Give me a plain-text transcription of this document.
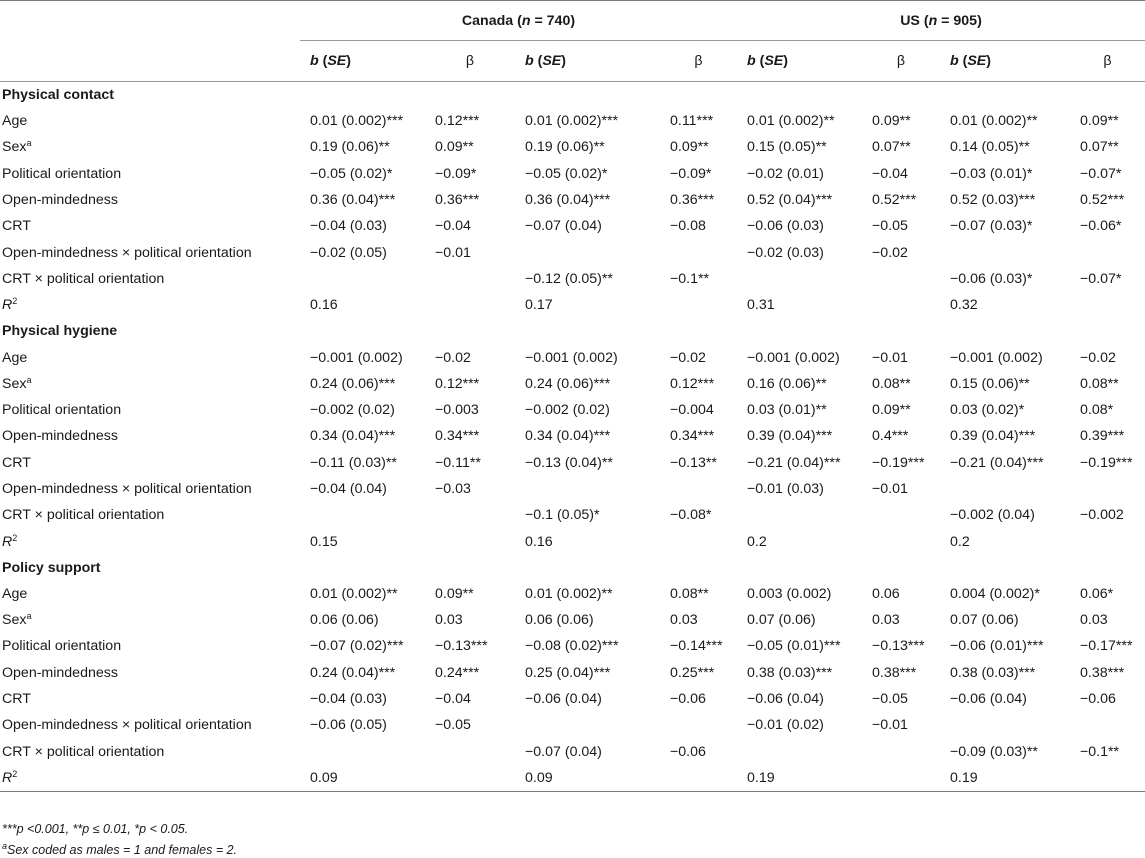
	Canada (n = 740)				US (n = 905)			
	b (SE)	β	b (SE)	β	b (SE)	β	b (SE)	β
Physical contact								
Age	0.01 (0.002)***	0.12***	0.01 (0.002)***	0.11***	0.01 (0.002)**	0.09**	0.01 (0.002)**	0.09**
Sex$^a$	0.19 (0.06)**	0.09**	0.19 (0.06)**	0.09**	0.15 (0.05)**	0.07**	0.14 (0.05)**	0.07**
Political orientation	−0.05 (0.02)*	−0.09*	−0.05 (0.02)*	−0.09*	−0.02 (0.01)	−0.04	−0.03 (0.01)*	−0.07*
Open-mindedness	0.36 (0.04)***	0.36***	0.36 (0.04)***	0.36***	0.52 (0.04)***	0.52***	0.52 (0.03)***	0.52***
CRT	−0.04 (0.03)	−0.04	−0.07 (0.04)	−0.08	−0.06 (0.03)	−0.05	−0.07 (0.03)*	−0.06*
Open-mindedness × political orientation	−0.02 (0.05)	−0.01			−0.02 (0.03)	−0.02		
CRT × political orientation			−0.12 (0.05)**	−0.1**			−0.06 (0.03)*	−0.07*
$R^2$	0.16		0.17		0.31		0.32	
Physical hygiene								
Age	−0.001 (0.002)	−0.02	−0.001 (0.002)	−0.02	−0.001 (0.002)	−0.01	−0.001 (0.002)	−0.02
Sex$^a$	0.24 (0.06)***	0.12***	0.24 (0.06)***	0.12***	0.16 (0.06)**	0.08**	0.15 (0.06)**	0.08**
Political orientation	−0.002 (0.02)	−0.003	−0.002 (0.02)	−0.004	0.03 (0.01)**	0.09**	0.03 (0.02)*	0.08*
Open-mindedness	0.34 (0.04)***	0.34***	0.34 (0.04)***	0.34***	0.39 (0.04)***	0.4***	0.39 (0.04)***	0.39***
CRT	−0.11 (0.03)**	−0.11**	−0.13 (0.04)**	−0.13**	−0.21 (0.04)***	−0.19***	−0.21 (0.04)***	−0.19***
Open-mindedness × political orientation	−0.04 (0.04)	−0.03			−0.01 (0.03)	−0.01		
CRT × political orientation			−0.1 (0.05)*	−0.08*			−0.002 (0.04)	−0.002
$R^2$	0.15		0.16		0.2		0.2	
Policy support								
Age	0.01 (0.002)**	0.09**	0.01 (0.002)**	0.08**	0.003 (0.002)	0.06	0.004 (0.002)*	0.06*
Sex$^a$	0.06 (0.06)	0.03	0.06 (0.06)	0.03	0.07 (0.06)	0.03	0.07 (0.06)	0.03
Political orientation	−0.07 (0.02)***	−0.13***	−0.08 (0.02)***	−0.14***	−0.05 (0.01)***	−0.13***	−0.06 (0.01)***	−0.17***
Open-mindedness	0.24 (0.04)***	0.24***	0.25 (0.04)***	0.25***	0.38 (0.03)***	0.38***	0.38 (0.03)***	0.38***
CRT	−0.04 (0.03)	−0.04	−0.06 (0.04)	−0.06	−0.06 (0.04)	−0.05	−0.06 (0.04)	−0.06
Open-mindedness × political orientation	−0.06 (0.05)	−0.05			−0.01 (0.02)	−0.01		
CRT × political orientation			−0.07 (0.04)	−0.06			−0.09 (0.03)**	−0.1**
$R^2$	0.09		0.09		0.19		0.19	

***p <0.001, **p ≤ 0.01, *p < 0.05.
$^a$Sex coded as males = 1 and females = 2.
